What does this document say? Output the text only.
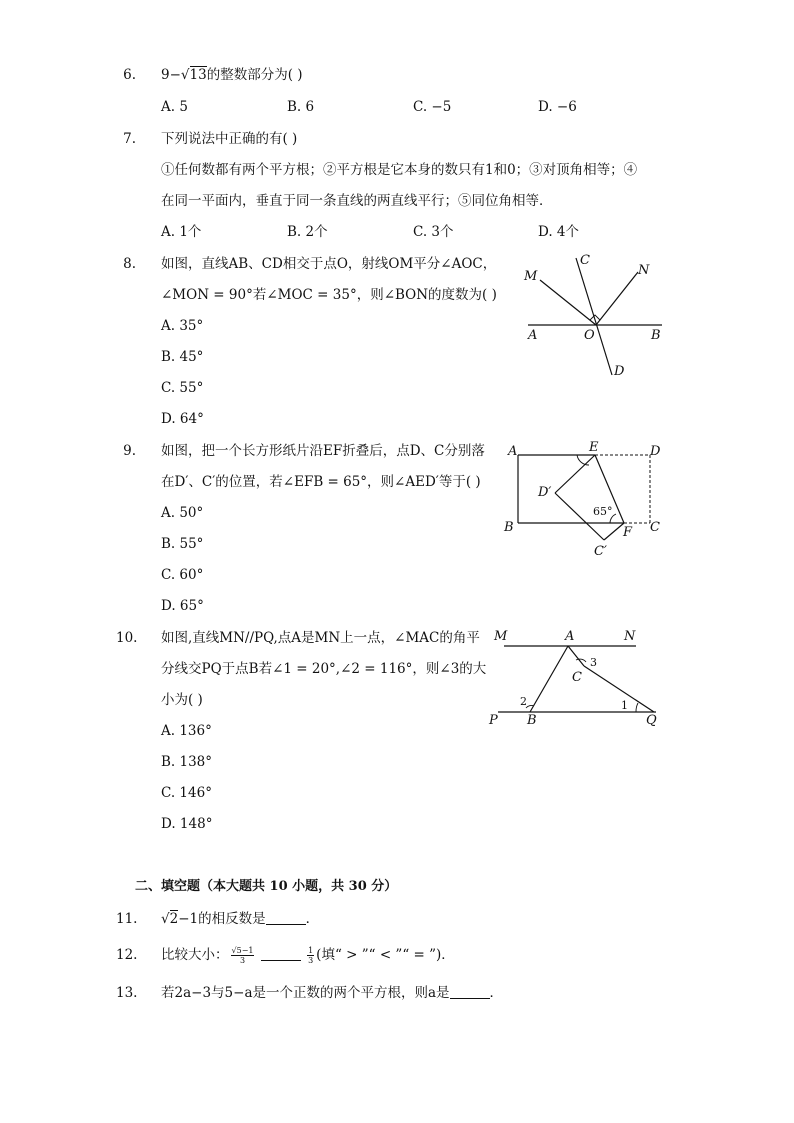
6. 9−√13的整数部分为( )
A. 5	B. 6	C. −5	D. −6
7. 下列说法中正确的有( )
①任何数都有两个平方根；②平方根是它本身的数只有1和0；③对顶角相等；④
在同一平面内，垂直于同一条直线的两直线平行；⑤同位角相等．
A. 1个	B. 2个	C. 3个	D. 4个
8. 如图，直线AB、CD相交于点O，射线OM平分∠AOC，
∠MON = 90°若∠MOC = 35°，则∠BON的度数为( )
A. 35°
B. 45°
C. 55°
D. 64°
M
C
N
A	O	B
D
9. 如图，把一个长方形纸片沿EF折叠后，点D、C分别落
在D′、C′的位置，若∠EFB = 65°，则∠AED′等于( )
A. 50°
B. 55°
C. 60°
D. 65°
A	E	D
D′
B	F C
C′
65°
10. 如图,直线MN//PQ,点A是MN上一点，∠MAC的角平
分线交PQ于点B若∠1 = 20°,∠2 = 116°，则∠3的大
小为( )
A. 136°
B. 138°
C. 146°
D. 148°
M	A	N
C
P B	Q
1
2
3
二、填空题（本大题共 10 小题，共 30 分）
11. √2−1的相反数是	．
12. 比较大小： $\frac{√5-1}{3}$
	$\frac{1}{3}$ (填“ > ”“ < ”“ = ”)．
13. 若2a−3与5−a是一个正数的两个平方根，则a是	．
